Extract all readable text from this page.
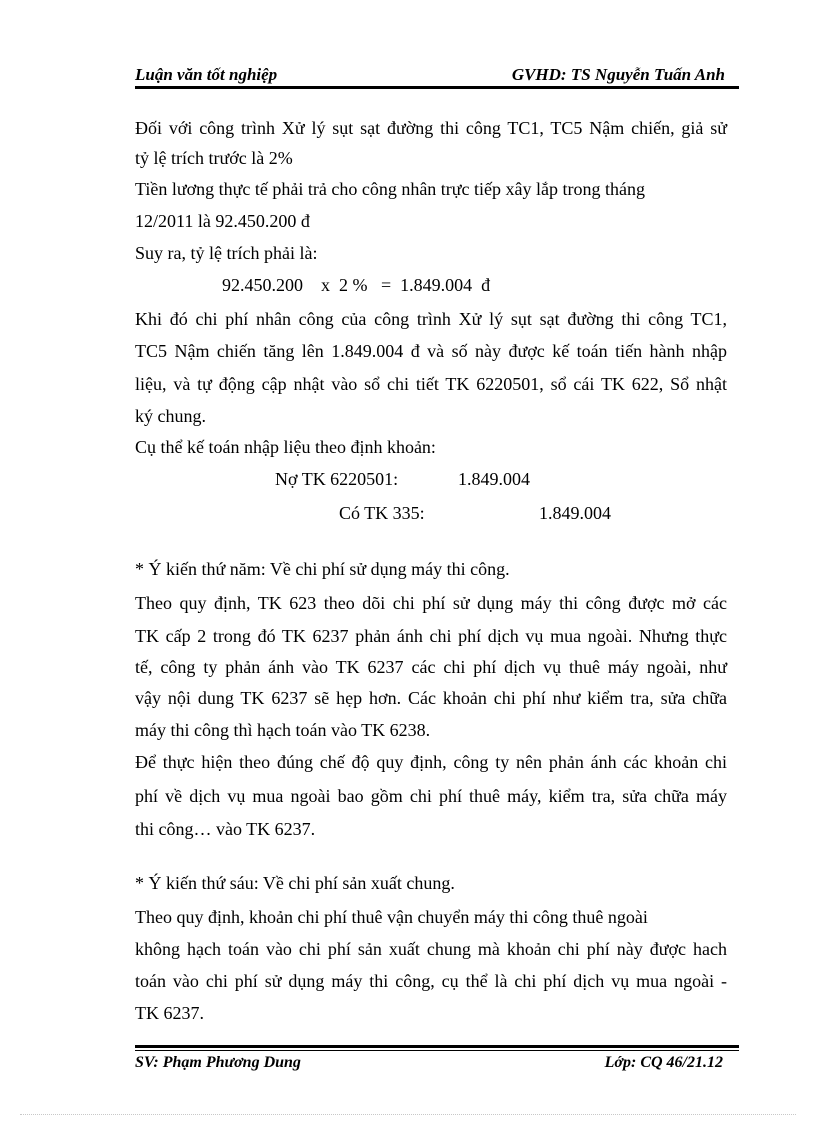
Luận văn tốt nghiệp	GVHD: TS Nguyễn Tuấn Anh
Đối với công trình Xử lý sụt sạt đường thi công TC1, TC5 Nậm chiến, giả sử
tỷ lệ trích trước là 2%
Tiền lương thực tế phải trả cho công nhân trực tiếp xây lắp trong tháng
12/2011 là 92.450.200 đ
Suy ra, tỷ lệ trích phải là:
92.450.200    x  2 %   =  1.849.004  đ
Khi đó chi phí nhân công của công trình Xử lý sụt sạt đường thi công TC1,
TC5 Nậm chiến tăng lên 1.849.004 đ và số này được kế toán tiến hành nhập
liệu, và tự động cập nhật vào sổ chi tiết TK 6220501, sổ cái TK 622, Sổ nhật
ký chung.
Cụ thể kế toán nhập liệu theo định khoản:
Nợ TK 6220501:	1.849.004
Có TK 335:	1.849.004
* Ý kiến thứ năm: Về chi phí sử dụng máy thi công.
Theo quy định, TK 623 theo dõi chi phí sử dụng máy thi công được mở các
TK cấp 2 trong đó TK 6237 phản ánh chi phí dịch vụ mua ngoài. Nhưng thực
tế, công ty phản ánh vào TK 6237 các chi phí dịch vụ thuê máy ngoài, như
vậy nội dung TK 6237 sẽ hẹp hơn. Các khoản chi phí như kiểm tra, sửa chữa
máy thi công thì hạch toán vào TK 6238.
Để thực hiện theo đúng chế độ quy định, công ty nên phản ánh các khoản chi
phí về dịch vụ mua ngoài bao gồm chi phí thuê máy, kiểm tra, sửa chữa máy
thi công… vào TK 6237.
* Ý kiến thứ sáu: Về chi phí sản xuất chung.
Theo quy định, khoản chi phí thuê vận chuyển máy thi công thuê ngoài
không hạch toán vào chi phí sản xuất chung mà khoản chi phí này được hach
toán vào chi phí sử dụng máy thi công, cụ thể là chi phí dịch vụ mua ngoài -
TK 6237.
SV: Phạm Phương Dung	Lớp: CQ 46/21.12
